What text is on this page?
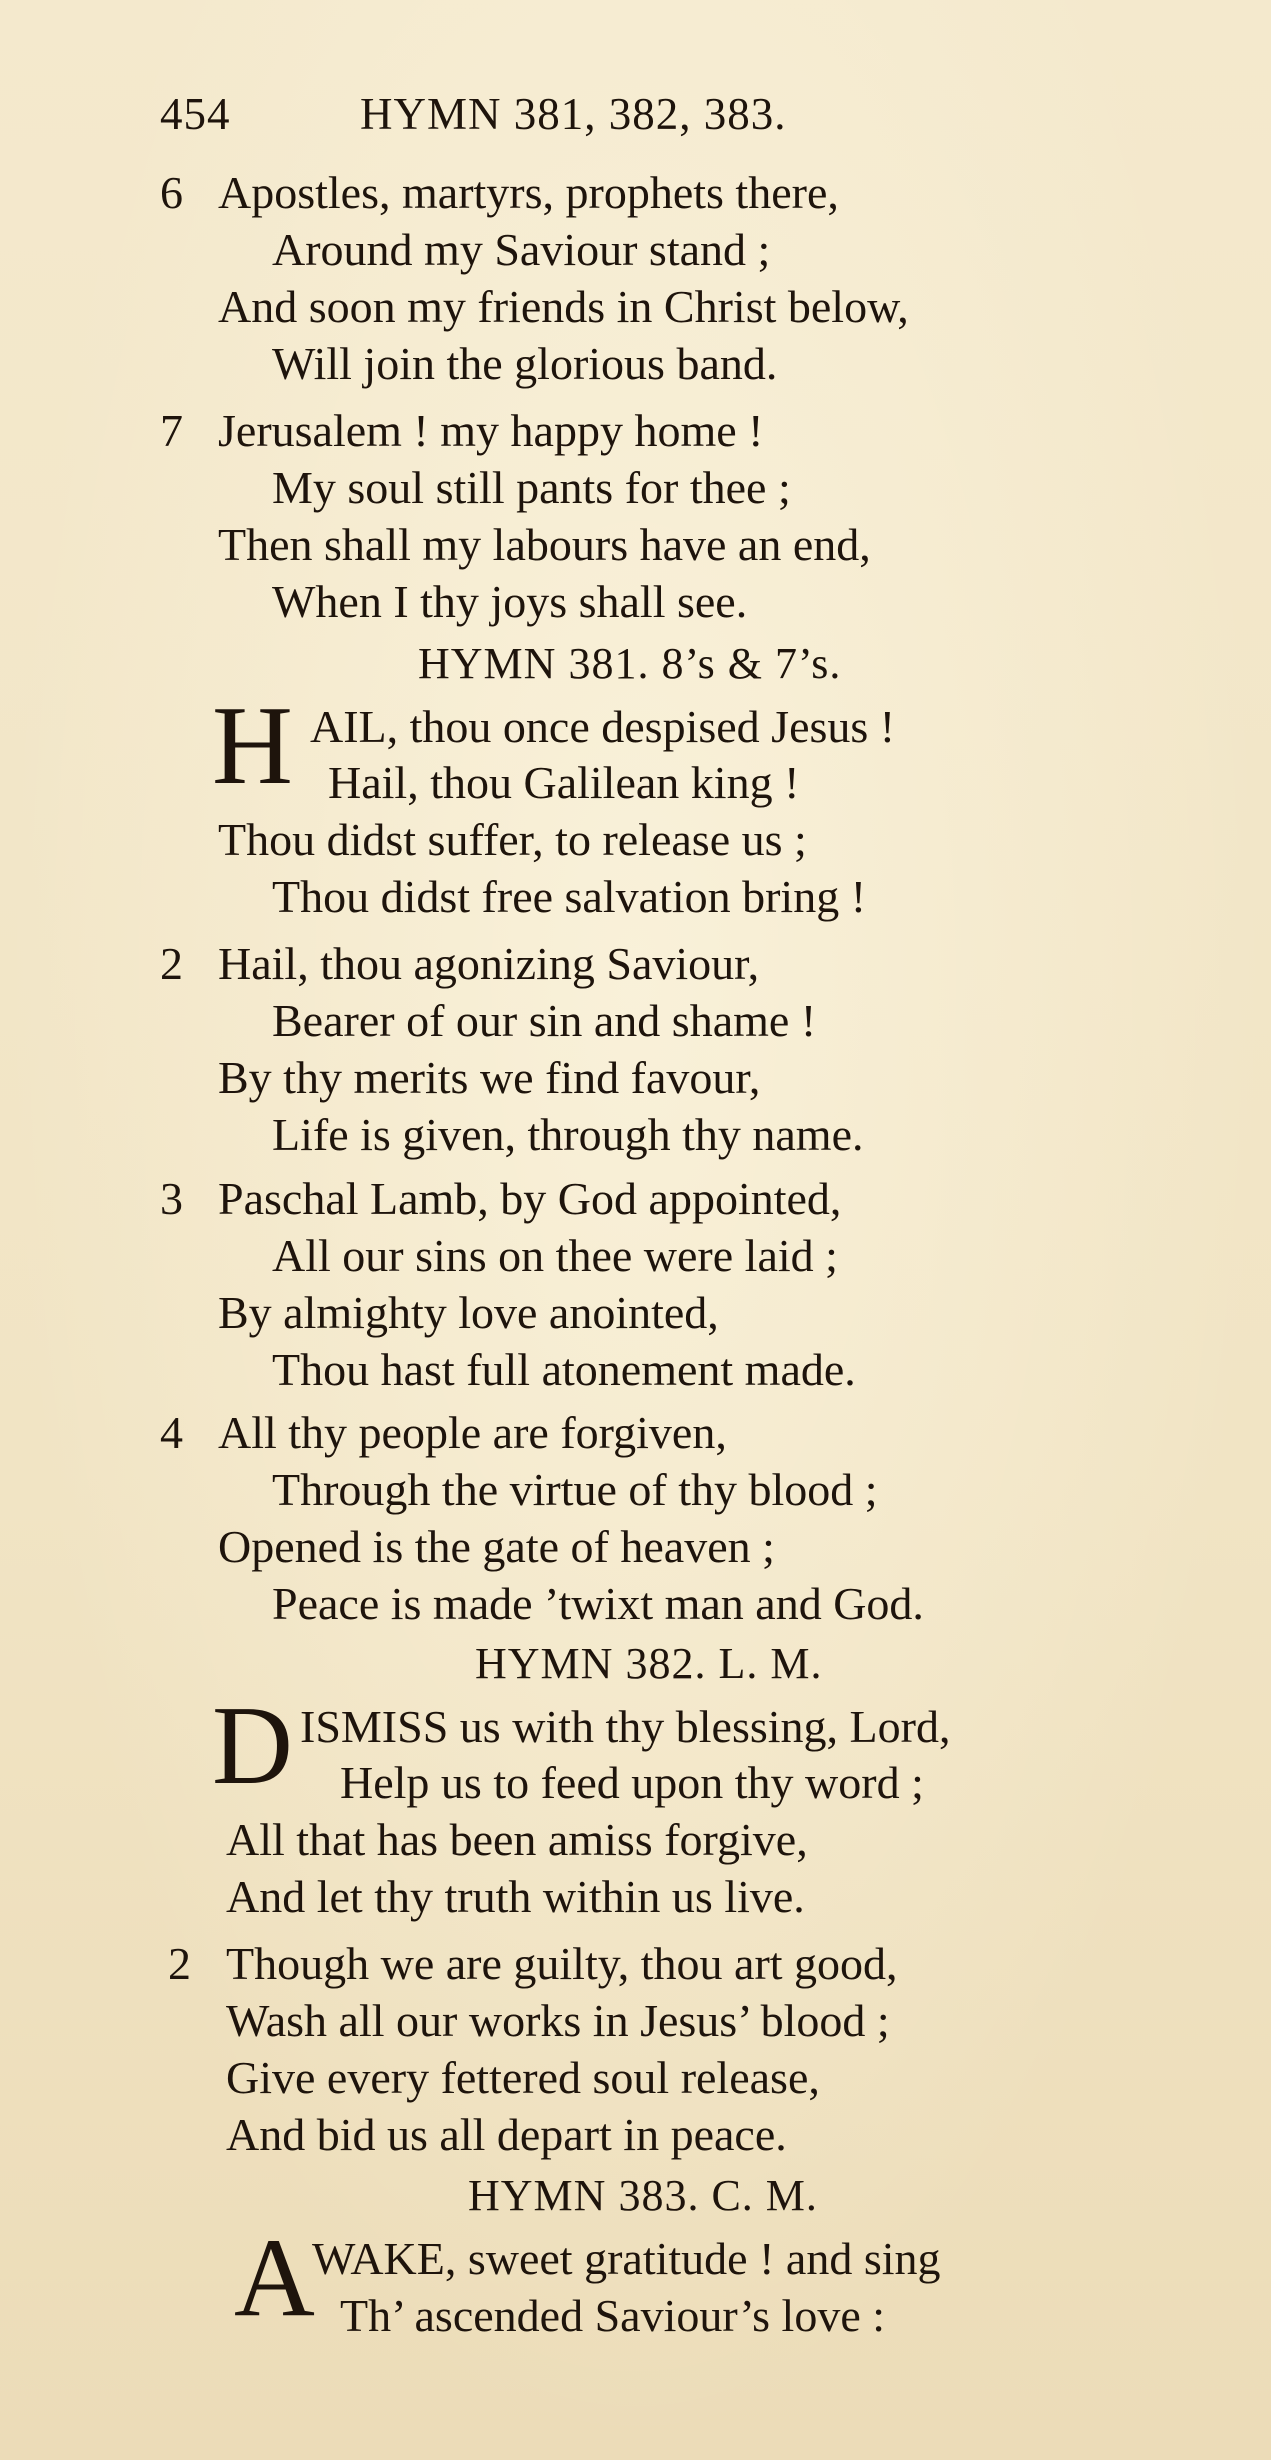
454	HYMN 381, 382, 383.
6 Apostles, martyrs, prophets there,
Around my Saviour stand ;
And soon my friends in Christ below,
Will join the glorious band.
7 Jerusalem ! my happy home !
My soul still pants for thee ;
Then shall my labours have an end,
When I thy joys shall see.
HYMN 381. 8’s & 7’s.
H AIL, thou once despised Jesus !
Hail, thou Galilean king !
Thou didst suffer, to release us ;
Thou didst free salvation bring !
2 Hail, thou agonizing Saviour,
Bearer of our sin and shame !
By thy merits we find favour,
Life is given, through thy name.
3 Paschal Lamb, by God appointed,
All our sins on thee were laid ;
By almighty love anointed,
Thou hast full atonement made.
4 All thy people are forgiven,
Through the virtue of thy blood ;
Opened is the gate of heaven ;
Peace is made ’twixt man and God.
HYMN 382. L. M.
D ISMISS us with thy blessing, Lord,
Help us to feed upon thy word ;
All that has been amiss forgive,
And let thy truth within us live.
2 Though we are guilty, thou art good,
Wash all our works in Jesus’ blood ;
Give every fettered soul release,
And bid us all depart in peace.
HYMN 383. C. M.
A
WAKE, sweet gratitude ! and sing
Th’ ascended Saviour’s love :
